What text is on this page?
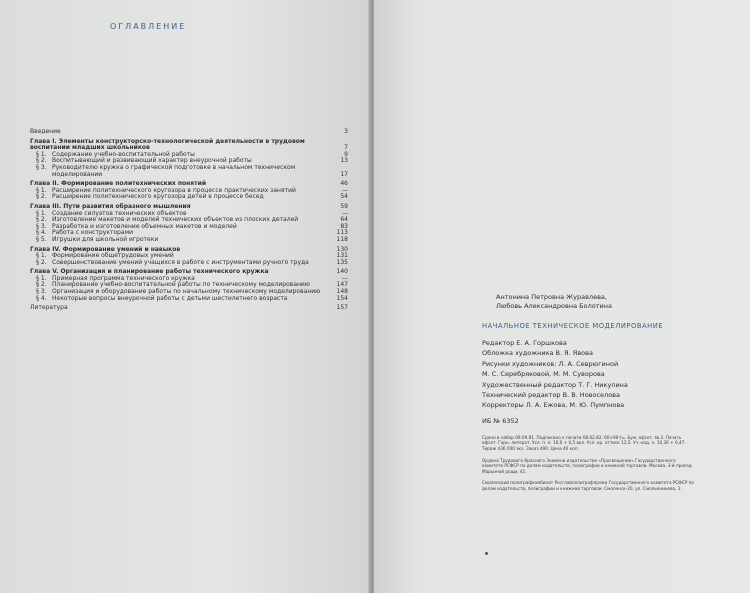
ОГЛАВЛЕНИЕ
Введение	3
Глава I. Элементы конструкторско-технологической деятельности в трудовом воспитании младших школьников	7
§ 1. Содержание учебно-воспитательной работы	9
§ 2. Воспитывающий и развивающий характер внеурочной работы	13
§ 3. Руководителю кружка о графической подготовке в начальном техническом моделировании	17
Глава II. Формирование политехнических понятий	46
§ 1. Расширение политехнического кругозора в процессе практических занятий	—
§ 2. Расширение политехнического кругозора детей в процессе бесед	54
Глава III. Пути развития образного мышления	59
§ 1. Создание силуэтов технических объектов	—
§ 2. Изготовление макетов и моделей технических объектов из плоских деталей	64
§ 3. Разработка и изготовление объемных макетов и моделей	83
§ 4. Работа с конструкторами	113
§ 5. Игрушки для школьной игротеки	118
Глава IV. Формирование умений и навыков	130
§ 1. Формирование общетрудовых умений	131
§ 2. Совершенствование умений учащихся в работе с инструментами ручного труда	135
Глава V. Организация и планирование работы технического кружка	140
§ 1. Примерная программа технического кружка	—
§ 2. Планирование учебно-воспитательной работы по техническому моделированию	147
§ 3. Организация и оборудование работы по начальному техническому моделированию	148
§ 4. Некоторые вопросы внеурочной работы с детьми шестилетнего возраста	154
Литература	157
Антонина Петровна Журавлева,
Любовь Александровна Болотина
НАЧАЛЬНОЕ ТЕХНИЧЕСКОЕ МОДЕЛИРОВАНИЕ
Редактор Е. А. Горшкова
Обложка художника В. Я. Явова
Рисунки художников: Л. А. Севрюгиной
М. С. Серебряковой, М. М. Суворова
Художественный редактор Т. Г. Никулина
Технический редактор В. В. Новоселова
Корректоры Л. А. Ежова, М. Ю. Пумпнова
ИБ № 6352
Сдано в набор 09.09.81. Подписано к печати 08.02.82. 60×90¹/₁₆. Бум. офсет. № 2. Печать офсет. Гарн. литерат. Усл. п. л. 10,0 + 0,5 вкл. Усл. кр. оттиск 12,5. Уч.-изд. л. 10,36 + 0,47. Тираж 436 000 экз. Заказ 490. Цена 40 коп.
Ордена Трудового Красного Знамени издательство «Просвещение» Государственного комитета РСФСР по делам издательств, полиграфии и книжной торговли. Москва, 3-й проезд Марьиной рощи, 41.
Смоленский полиграфкомбинат Росглавполиграфпрома Государственного комитета РСФСР по делам издательств, полиграфии и книжной торговли. Смоленск-20, ул. Смольянинова, 1.
